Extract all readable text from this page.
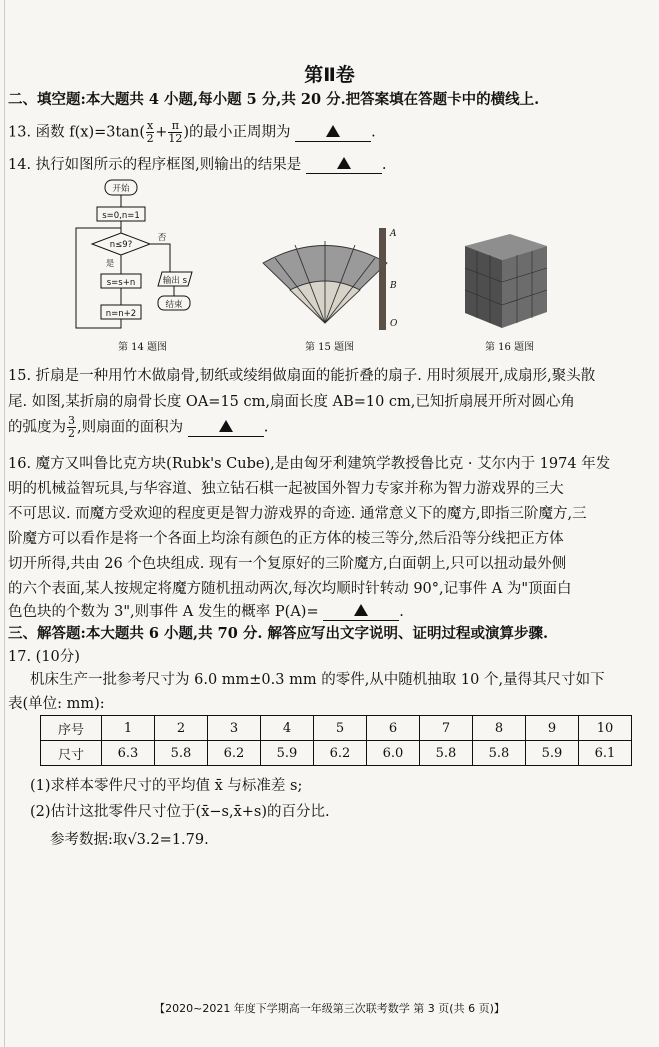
第Ⅱ卷
二、填空题:本大题共 4 小题,每小题 5 分,共 20 分.把答案填在答题卡中的横线上.
13. 函数 $f(x)=3\tan( \frac{x}{2} + \frac{\pi}{12}$ )的最小正周期为	.
14. 执行如图所示的程序框图,则输出的结果是	.
开始
s=0,n=1
n≤9?
是
否
s=s+n
n=n+2
输出 s
结束
A
B
O
第 14 题图	第 15 题图	第 16 题图
15. 折扇是一种用竹木做扇骨,韧纸或绫绢做扇面的能折叠的扇子. 用时须展开,成扇形,聚头散
尾. 如图,某折扇的扇骨长度 OA=15 cm,扇面长度 AB=10 cm,已知折扇展开所对圆心角
的弧度为 $\frac{3}{2}$ ,则扇面的面积为	.
16. 魔方又叫鲁比克方块(Rubk's Cube),是由匈牙利建筑学教授鲁比克 · 艾尔内于 1974 年发
明的机械益智玩具,与华容道、独立钻石棋一起被国外智力专家并称为智力游戏界的三大
不可思议. 而魔方受欢迎的程度更是智力游戏界的奇迹. 通常意义下的魔方,即指三阶魔方,三
阶魔方可以看作是将一个各面上均涂有颜色的正方体的棱三等分,然后沿等分线把正方体
切开所得,共由 26 个色块组成. 现有一个复原好的三阶魔方,白面朝上,只可以扭动最外侧
的六个表面,某人按规定将魔方随机扭动两次,每次均顺时针转动 90°,记事件 A 为"顶面白
色色块的个数为 3",则事件 A 发生的概率 P(A)=	.
三、解答题:本大题共 6 小题,共 70 分. 解答应写出文字说明、证明过程或演算步骤.
17. (10分)
机床生产一批参考尺寸为 6.0 mm±0.3 mm 的零件,从中随机抽取 10 个,量得其尺寸如下
表(单位: mm):
序号	1	2	3	4	5	6	7	8	9	10
尺寸	6.3	5.8	6.2	5.9	6.2	6.0	5.8	5.8	5.9	6.1
(1)求样本零件尺寸的平均值 x̄ 与标准差 s;
(2)估计这批零件尺寸位于(x̄−s,x̄+s)的百分比.
参考数据:取√3.2=1.79.
【2020~2021 年度下学期高一年级第三次联考数学 第 3 页(共 6 页)】
